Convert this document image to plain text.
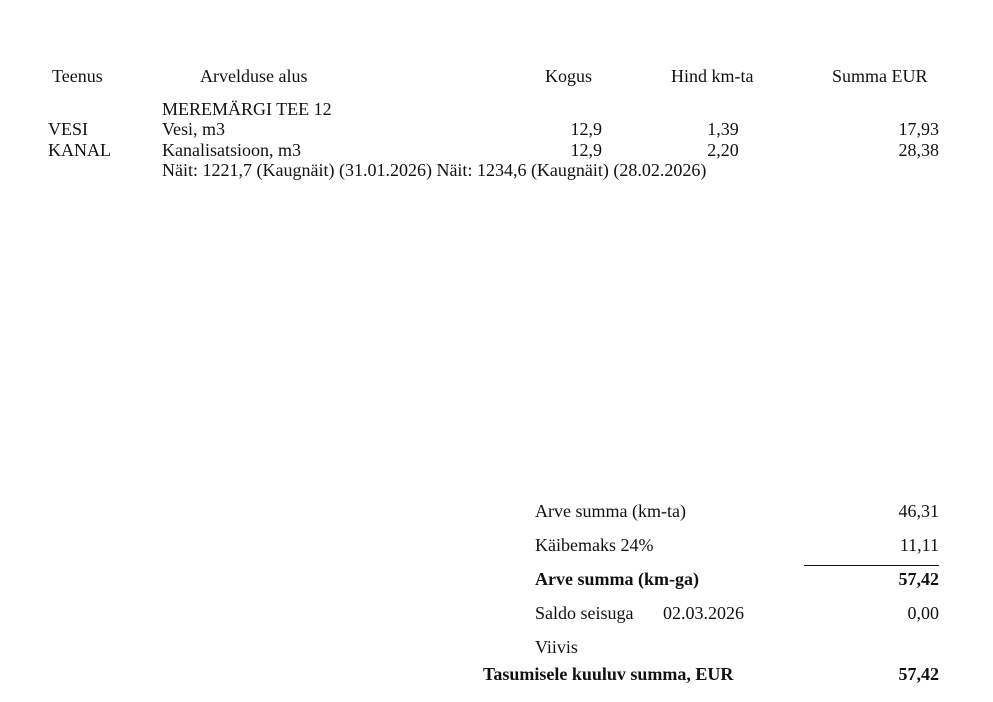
Teenus	Arvelduse alus	Kogus	Hind km-ta	Summa EUR
MEREMÄRGI TEE 12
VESI	Vesi, m3	12,9	1,39	17,93
KANAL	Kanalisatsioon, m3	12,9	2,20	28,38
Näit: 1221,7 (Kaugnäit) (31.01.2026) Näit: 1234,6 (Kaugnäit) (28.02.2026)
Arve summa (km-ta)	46,31
Käibemaks 24%	11,11
Arve summa (km-ga)	57,42
Saldo seisuga 02.03.2026	0,00
Viivis
Tasumisele kuuluv summa, EUR	57,42
